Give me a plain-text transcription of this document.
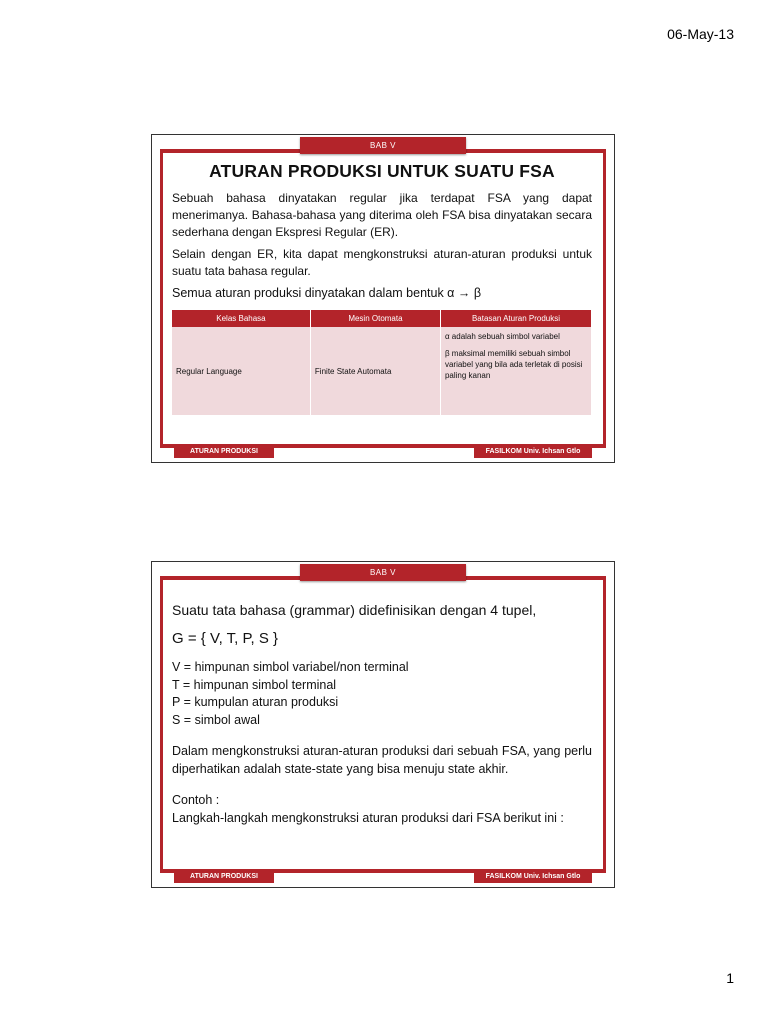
06-May-13
BAB V
ATURAN PRODUKSI UNTUK SUATU FSA

Sebuah bahasa dinyatakan regular jika terdapat FSA yang dapat menerimanya. Bahasa-bahasa yang diterima oleh FSA bisa dinyatakan secara sederhana dengan Ekspresi Regular (ER).

Selain dengan ER, kita dapat mengkonstruksi aturan-aturan produksi untuk suatu tata bahasa regular.

Semua aturan produksi dinyatakan dalam bentuk α → β

Kelas Bahasa	Mesin Otomata	Batasan Aturan Produksi
Regular Language	Finite State Automata	α adalah sebuah simbol variabel
β maksimal memiliki sebuah simbol variabel yang bila ada terletak di posisi paling kanan
ATURAN PRODUKSI	FASILKOM Univ. Ichsan Gtlo
BAB V

Suatu tata bahasa (grammar) didefinisikan dengan 4 tupel,

G = { V, T, P, S }

V = himpunan simbol variabel/non terminal

T = himpunan simbol terminal

P = kumpulan aturan produksi

S = simbol awal

Dalam mengkonstruksi aturan-aturan produksi dari sebuah FSA, yang perlu diperhatikan adalah state-state yang bisa menuju state akhir.

Contoh :

Langkah-langkah mengkonstruksi aturan produksi dari FSA berikut ini :

ATURAN PRODUKSI	FASILKOM Univ. Ichsan Gtlo
1
